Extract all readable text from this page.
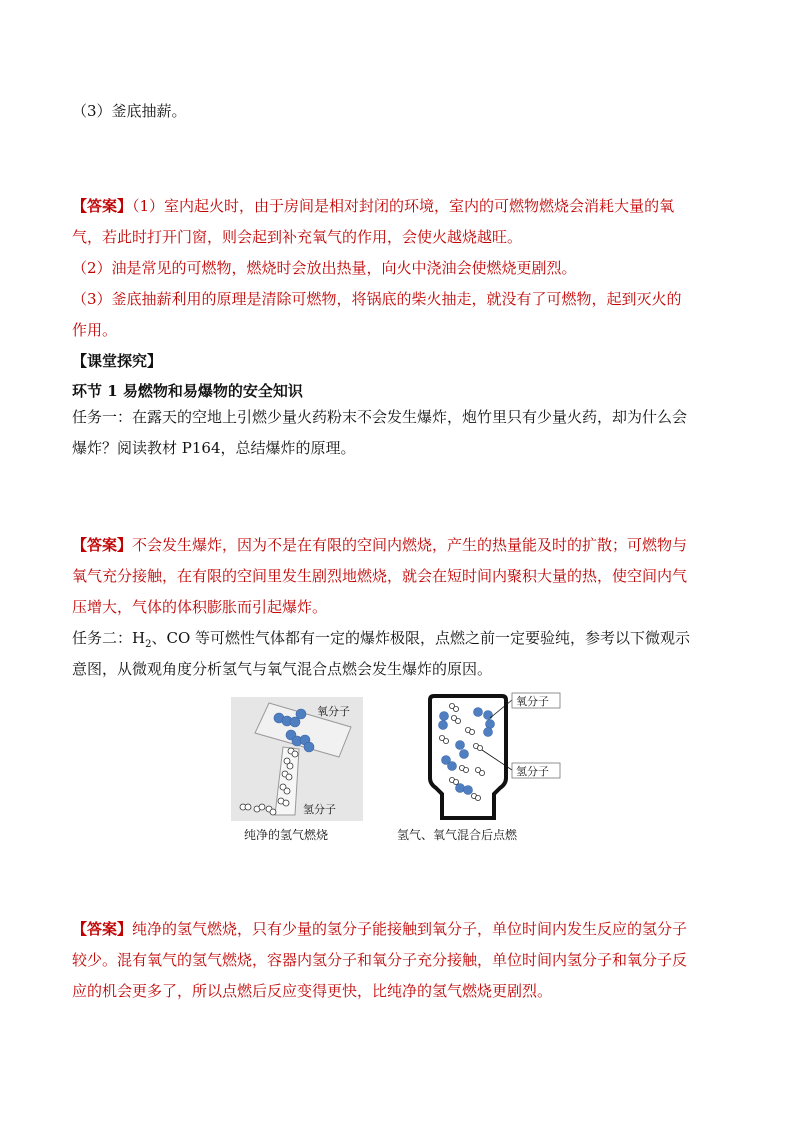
（3）釜底抽薪。
【答案】（1）室内起火时，由于房间是相对封闭的环境，室内的可燃物燃烧会消耗大量的氧
气，若此时打开门窗，则会起到补充氧气的作用，会使火越烧越旺。
（2）油是常见的可燃物，燃烧时会放出热量，向火中浇油会使燃烧更剧烈。
（3）釜底抽薪利用的原理是清除可燃物，将锅底的柴火抽走，就没有了可燃物，起到灭火的
作用。
【课堂探究】
环节 1 易燃物和易爆物的安全知识
任务一：在露天的空地上引燃少量火药粉末不会发生爆炸，炮竹里只有少量火药，却为什么会
爆炸？阅读教材 P164，总结爆炸的原理。
【答案】不会发生爆炸，因为不是在有限的空间内燃烧，产生的热量能及时的扩散；可燃物与
氧气充分接触，在有限的空间里发生剧烈地燃烧，就会在短时间内聚积大量的热，使空间内气
压增大，气体的体积膨胀而引起爆炸。
任务二：$H_2$、CO 等可燃性气体都有一定的爆炸极限，点燃之前一定要验纯，参考以下微观示
意图，从微观角度分析氢气与氧气混合点燃会发生爆炸的原因。
氧分子
氢分子
纯净的氢气燃烧
氧分子
氢分子
氢气、氧气混合后点燃
【答案】纯净的氢气燃烧，只有少量的氢分子能接触到氧分子，单位时间内发生反应的氢分子
较少。混有氧气的氢气燃烧，容器内氢分子和氧分子充分接触，单位时间内氢分子和氧分子反
应的机会更多了，所以点燃后反应变得更快，比纯净的氢气燃烧更剧烈。
